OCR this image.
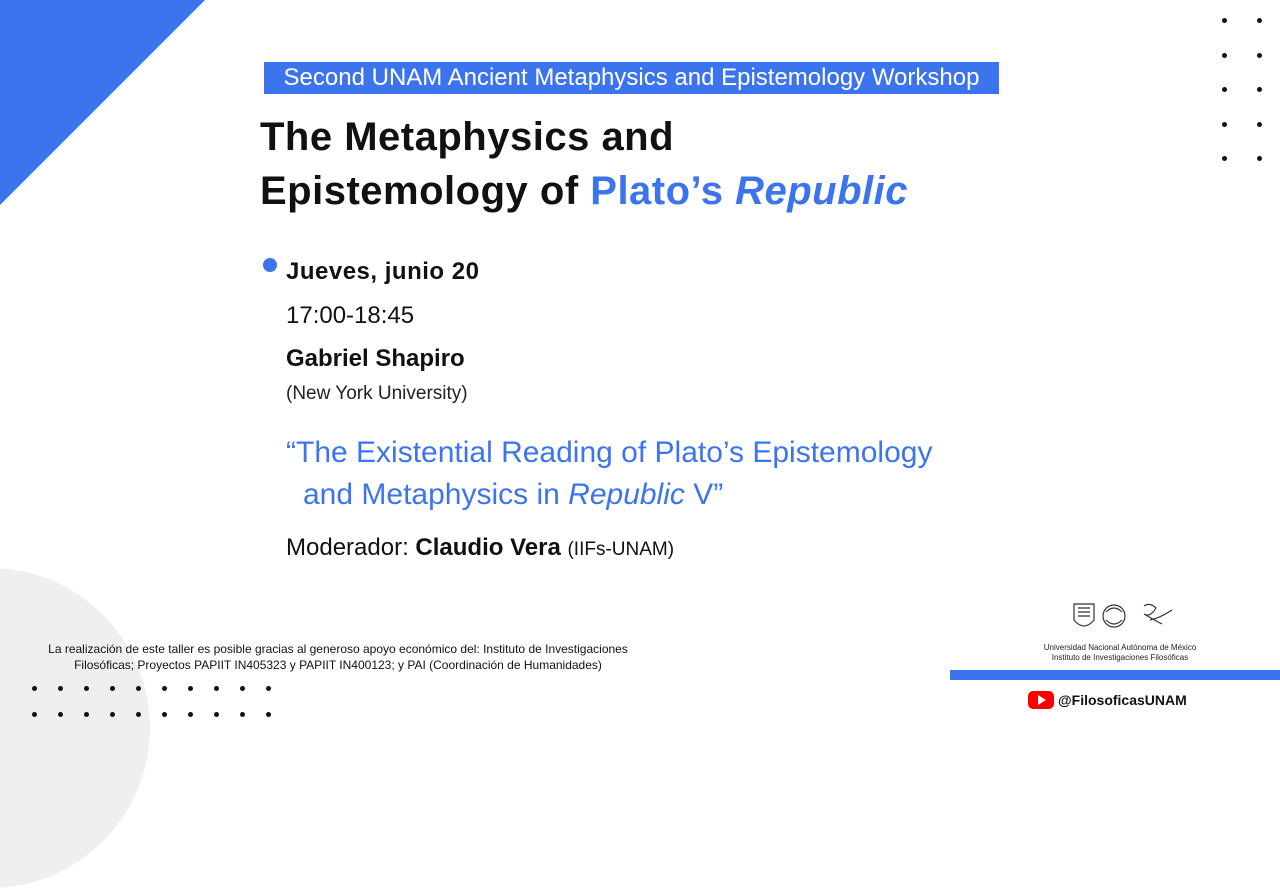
Second UNAM Ancient Metaphysics and Epistemology Workshop
The Metaphysics and
Epistemology of Plato’s Republic
Jueves, junio 20
17:00-18:45
Gabriel Shapiro
(New York University)
“The Existential Reading of Plato’s Epistemology
and Metaphysics in Republic V”
Moderador: Claudio Vera (IIFs-UNAM)
La realización de este taller es posible gracias al generoso apoyo económico del: Instituto de Investigaciones
Filosóficas; Proyectos PAPIIT IN405323 y PAPIIT IN400123; y PAI (Coordinación de Humanidades)
Universidad Nacional Autónoma de México
Instituto de Investigaciones Filosóficas
@FilosoficasUNAM
